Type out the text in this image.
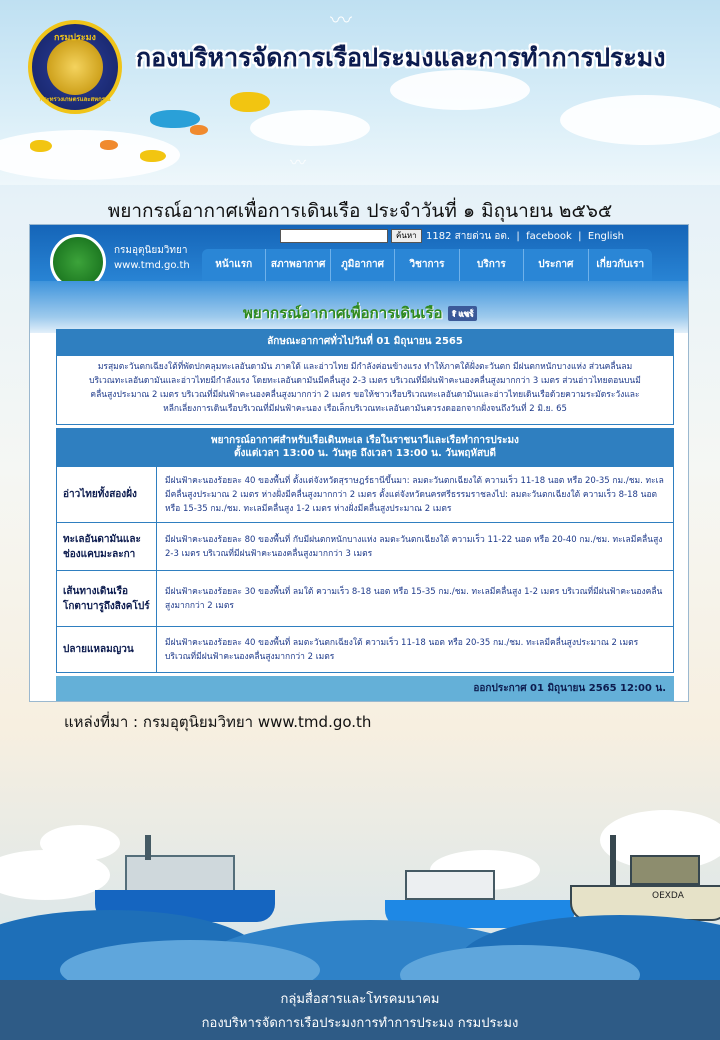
〰
〰
กรมประมง
กระทรวงเกษตรและสหกรณ์
กองบริหารจัดการเรือประมงและการทำการประมง
พยากรณ์อากาศเพื่อการเดินเรือ ประจำวันที่ ๑ มิถุนายน ๒๕๖๕
กรมอุตุนิยมวิทยา
www.tmd.go.th
ค้นหา 1182 สายด่วน อต.  |  facebook  |  English
หน้าแรก	สภาพอากาศ	ภูมิอากาศ	วิชาการ	บริการ	ประกาศ	เกี่ยวกับเรา
พยากรณ์อากาศเพื่อการเดินเรือ f แชร์
ลักษณะอากาศทั่วไปวันที่ 01 มิถุนายน 2565
มรสุมตะวันตกเฉียงใต้ที่พัดปกคลุมทะเลอันดามัน ภาคใต้ และอ่าวไทย มีกำลังค่อนข้างแรง ทำให้ภาคใต้ฝั่งตะวันตก มีฝนตกหนักบางแห่ง ส่วนคลื่นลมบริเวณทะเลอันดามันและอ่าวไทยมีกำลังแรง โดยทะเลอันดามันมีคลื่นสูง 2-3 เมตร บริเวณที่มีฝนฟ้าคะนองคลื่นสูงมากกว่า 3 เมตร ส่วนอ่าวไทยตอนบนมีคลื่นสูงประมาณ 2 เมตร บริเวณที่มีฝนฟ้าคะนองคลื่นสูงมากกว่า 2 เมตร ขอให้ชาวเรือบริเวณทะเลอันดามันและอ่าวไทยเดินเรือด้วยความระมัดระวังและหลีกเลี่ยงการเดินเรือบริเวณที่มีฝนฟ้าคะนอง เรือเล็กบริเวณทะเลอันดามันควรงดออกจากฝั่งจนถึงวันที่ 2 มิ.ย. 65
พยากรณ์อากาศสำหรับเรือเดินทะเล เรือในราชนาวีและเรือทำการประมง
ตั้งแต่เวลา 13:00 น. วันพุธ ถึงเวลา 13:00 น. วันพฤหัสบดี
อ่าวไทยทั้งสองฝั่ง	มีฝนฟ้าคะนองร้อยละ 40 ของพื้นที่ ตั้งแต่จังหวัดสุราษฎร์ธานีขึ้นมา: ลมตะวันตกเฉียงใต้ ความเร็ว 11-18 นอต หรือ 20-35 กม./ชม. ทะเลมีคลื่นสูงประมาณ 2 เมตร ห่างฝั่งมีคลื่นสูงมากกว่า 2 เมตร ตั้งแต่จังหวัดนครศรีธรรมราชลงไป: ลมตะวันตกเฉียงใต้ ความเร็ว 8-18 นอต หรือ 15-35 กม./ชม. ทะเลมีคลื่นสูง 1-2 เมตร ห่างฝั่งมีคลื่นสูงประมาณ 2 เมตร
ทะเลอันดามันและช่องแคบมะละกา	มีฝนฟ้าคะนองร้อยละ 80 ของพื้นที่ กับมีฝนตกหนักบางแห่ง ลมตะวันตกเฉียงใต้ ความเร็ว 11-22 นอต หรือ 20-40 กม./ชม. ทะเลมีคลื่นสูง 2-3 เมตร บริเวณที่มีฝนฟ้าคะนองคลื่นสูงมากกว่า 3 เมตร
เส้นทางเดินเรือโกตาบารูถึงสิงคโปร์	มีฝนฟ้าคะนองร้อยละ 30 ของพื้นที่ ลมใต้ ความเร็ว 8-18 นอต หรือ 15-35 กม./ชม. ทะเลมีคลื่นสูง 1-2 เมตร บริเวณที่มีฝนฟ้าคะนองคลื่นสูงมากกว่า 2 เมตร
ปลายแหลมญวน	มีฝนฟ้าคะนองร้อยละ 40 ของพื้นที่ ลมตะวันตกเฉียงใต้ ความเร็ว 11-18 นอต หรือ 20-35 กม./ชม. ทะเลมีคลื่นสูงประมาณ 2 เมตร บริเวณที่มีฝนฟ้าคะนองคลื่นสูงมากกว่า 2 เมตร
ออกประกาศ 01 มิถุนายน 2565 12:00 น.
แหล่งที่มา : กรมอุตุนิยมวิทยา www.tmd.go.th
OEXDA
กลุ่มสื่อสารและโทรคมนาคม
กองบริหารจัดการเรือประมงการทำการประมง กรมประมง
